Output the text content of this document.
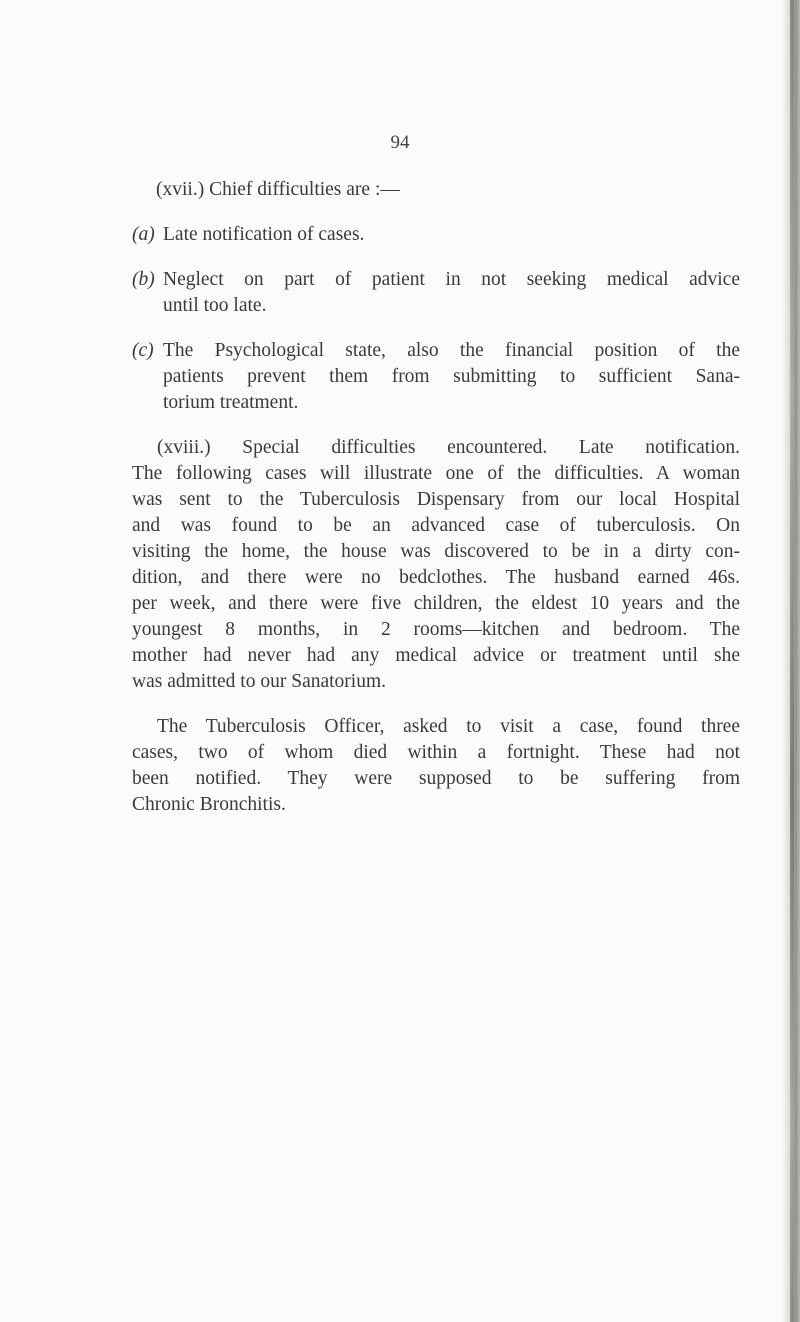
94
(xvii.) Chief difficulties are :—
(a) Late notification of cases.
(b) Neglect on part of patient in not seeking medical advice
until too late.
(c) The Psychological state, also the financial position of the
patients prevent them from submitting to sufficient Sana-
torium treatment.
(xviii.) Special difficulties encountered. Late notification.
The following cases will illustrate one of the difficulties. A woman
was sent to the Tuberculosis Dispensary from our local Hospital
and was found to be an advanced case of tuberculosis. On
visiting the home, the house was discovered to be in a dirty con-
dition, and there were no bedclothes. The husband earned 46s.
per week, and there were five children, the eldest 10 years and the
youngest 8 months, in 2 rooms—kitchen and bedroom. The
mother had never had any medical advice or treatment until she
was admitted to our Sanatorium.
The Tuberculosis Officer, asked to visit a case, found three
cases, two of whom died within a fortnight. These had not
been notified. They were supposed to be suffering from
Chronic Bronchitis.
